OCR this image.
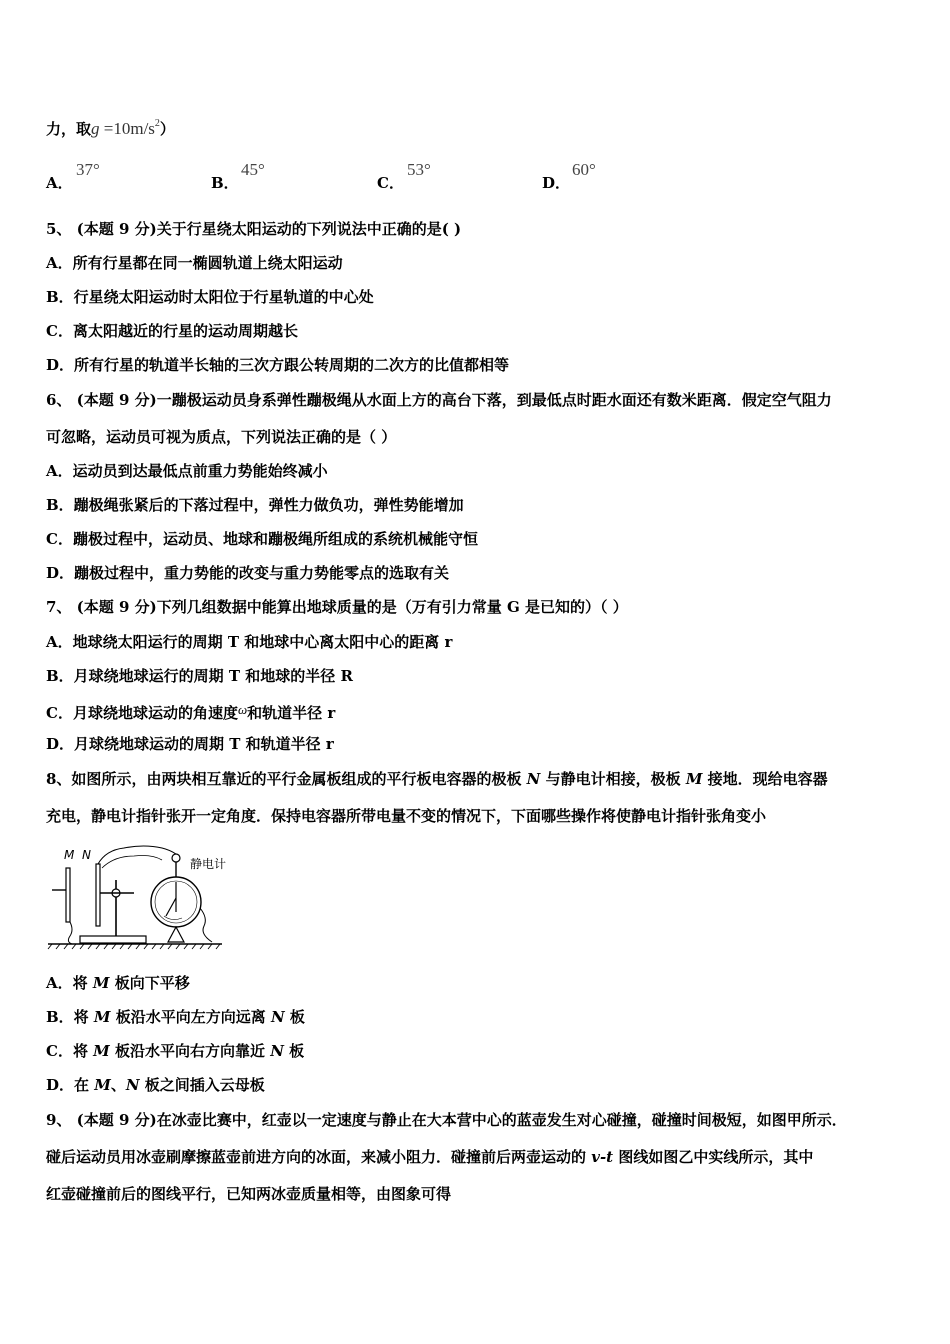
力，取$g =10m/s^2$）
A．
37°
B．
45°
C．
53°
D．
60°
5、 (本题 9 分)关于行星绕太阳运动的下列说法中正确的是( )
A．所有行星都在同一椭圆轨道上绕太阳运动
B．行星绕太阳运动时太阳位于行星轨道的中心处
C．离太阳越近的行星的运动周期越长
D．所有行星的轨道半长轴的三次方跟公转周期的二次方的比值都相等
6、 (本题 9 分)一蹦极运动员身系弹性蹦极绳从水面上方的高台下落，到最低点时距水面还有数米距离．假定空气阻力
可忽略，运动员可视为质点，下列说法正确的是（ ）
A．运动员到达最低点前重力势能始终减小
B．蹦极绳张紧后的下落过程中，弹性力做负功，弹性势能增加
C．蹦极过程中，运动员、地球和蹦极绳所组成的系统机械能守恒
D．蹦极过程中，重力势能的改变与重力势能零点的选取有关
7、 (本题 9 分)下列几组数据中能算出地球质量的是（万有引力常量 G 是已知的）（ ）
A．地球绕太阳运行的周期 T 和地球中心离太阳中心的距离 r
B．月球绕地球运行的周期 T 和地球的半径 R
C．月球绕地球运动的角速度ω和轨道半径 r
D．月球绕地球运动的周期 T 和轨道半径 r
8、如图所示，由两块相互靠近的平行金属板组成的平行板电容器的极板 N 与静电计相接，极板 M 接地．现给电容器
充电，静电计指针张开一定角度．保持电容器所带电量不变的情况下，下面哪些操作将使静电计指针张角变小
M N
静电计
A．将 M 板向下平移
B．将 M 板沿水平向左方向远离 N 板
C．将 M 板沿水平向右方向靠近 N 板
D．在 M、N 板之间插入云母板
9、 (本题 9 分)在冰壶比赛中，红壶以一定速度与静止在大本营中心的蓝壶发生对心碰撞，碰撞时间极短，如图甲所示．
碰后运动员用冰壶刷摩擦蓝壶前进方向的冰面，来减小阻力．碰撞前后两壶运动的 v-t 图线如图乙中实线所示，其中
红壶碰撞前后的图线平行，已知两冰壶质量相等，由图象可得
